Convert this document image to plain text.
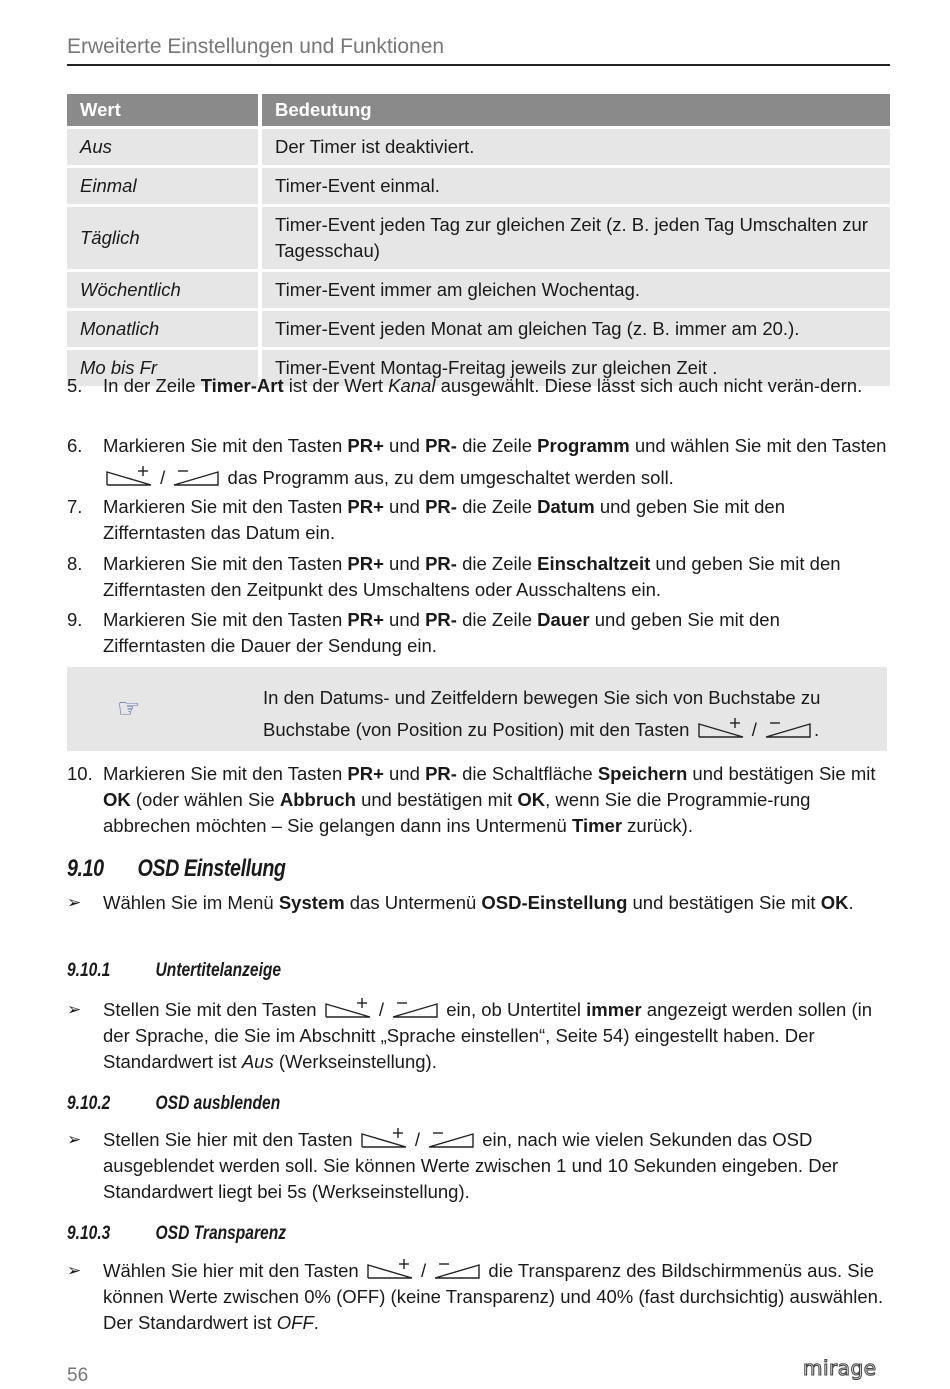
Erweiterte Einstellungen und Funktionen
Wert	Bedeutung
Aus	Der Timer ist deaktiviert.
Einmal	Timer-Event einmal.
Täglich	Timer-Event jeden Tag zur gleichen Zeit (z. B. jeden Tag Umschalten zur Tagesschau)
Wöchentlich	Timer-Event immer am gleichen Wochentag.
Monatlich	Timer-Event jeden Monat am gleichen Tag (z. B. immer am 20.).
Mo bis Fr	Timer-Event Montag-Freitag jeweils zur gleichen Zeit .
5. In der Zeile Timer-Art ist der Wert Kanal ausgewählt. Diese lässt sich auch nicht verän-dern.
6. Markieren Sie mit den Tasten PR+ und PR- die Zeile Programm und wählen Sie mit den Tasten  /	das Programm aus, zu dem umgeschaltet werden soll.
7. Markieren Sie mit den Tasten PR+ und PR- die Zeile Datum und geben Sie mit den Zifferntasten das Datum ein.
8. Markieren Sie mit den Tasten PR+ und PR- die Zeile Einschaltzeit und geben Sie mit den Zifferntasten den Zeitpunkt des Umschaltens oder Ausschaltens ein.
9. Markieren Sie mit den Tasten PR+ und PR- die Zeile Dauer und geben Sie mit den Zifferntasten die Dauer der Sendung ein.
☞	In den Datums- und Zeitfeldern bewegen Sie sich von Buchstabe zu Buchstabe (von Position zu Position) mit den Tasten	/	.
10. Markieren Sie mit den Tasten PR+ und PR- die Schaltfläche Speichern und bestätigen Sie mit OK (oder wählen Sie Abbruch und bestätigen mit OK, wenn Sie die Programmie-rung abbrechen möchten – Sie gelangen dann ins Untermenü Timer zurück).
9.10 OSD Einstellung
➢ Wählen Sie im Menü System das Untermenü OSD-Einstellung und bestätigen Sie mit OK.
9.10.1 Untertitelanzeige
➢ Stellen Sie mit den Tasten	/	ein, ob Untertitel immer angezeigt werden sollen (in der Sprache, die Sie im Abschnitt „Sprache einstellen“, Seite 54) eingestellt haben. Der Standardwert ist Aus (Werkseinstellung).
9.10.2 OSD ausblenden
➢ Stellen Sie hier mit den Tasten	/	ein, nach wie vielen Sekunden das OSD ausgeblendet werden soll. Sie können Werte zwischen 1 und 10 Sekunden eingeben. Der Standardwert liegt bei 5s (Werkseinstellung).
9.10.3 OSD Transparenz
➢ Wählen Sie hier mit den Tasten	/	die Transparenz des Bildschirmmenüs aus. Sie können Werte zwischen 0% (OFF) (keine Transparenz) und 40% (fast durchsichtig) auswählen. Der Standardwert ist OFF.
56	mirage
